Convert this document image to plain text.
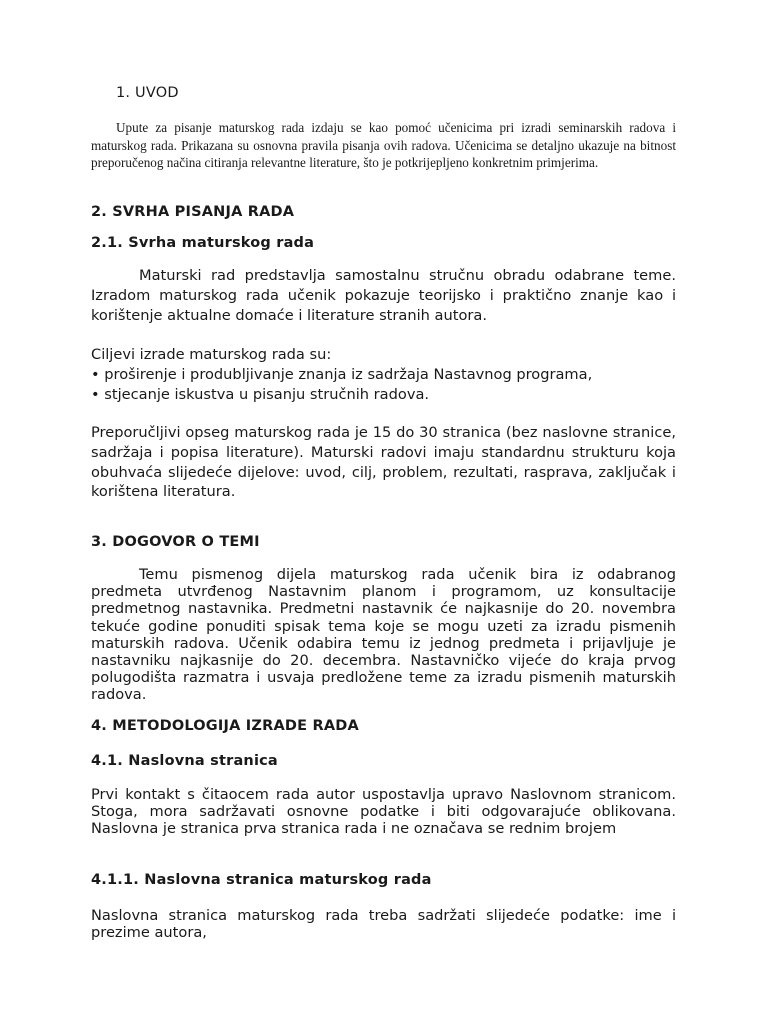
1. UVOD

Upute za pisanje maturskog rada izdaju se kao pomoć učenicima pri izradi seminarskih radova i maturskog rada. Prikazana su osnovna pravila pisanja ovih radova. Učenicima se detaljno ukazuje na bitnost preporučenog načina citiranja relevantne literature, što je potkrijepljeno konkretnim primjerima.

2. SVRHA PISANJA RADA
2.1. Svrha maturskog rada

Maturski rad predstavlja samostalnu stručnu obradu odabrane teme. Izradom maturskog rada učenik pokazuje teorijsko i praktično znanje kao i korištenje aktualne domaće i literature stranih autora.

Ciljevi izrade maturskog rada su:
• proširenje i produbljivanje znanja iz sadržaja Nastavnog programa,
• stjecanje iskustva u pisanju stručnih radova.

Preporučljivi opseg maturskog rada je 15 do 30 stranica (bez naslovne stranice, sadržaja i popisa literature). Maturski radovi imaju standardnu strukturu koja obuhvaća slijedeće dijelove: uvod, cilj, problem, rezultati, rasprava, zaključak i korištena literatura.

3. DOGOVOR O TEMI

Temu pismenog dijela maturskog rada učenik bira iz odabranog predmeta utvrđenog Nastavnim planom i programom, uz konsultacije predmetnog nastavnika. Predmetni nastavnik će najkasnije do 20. novembra tekuće godine ponuditi spisak tema koje se mogu uzeti za izradu pismenih maturskih radova. Učenik odabira temu iz jednog predmeta i prijavljuje je nastavniku najkasnije do 20. decembra. Nastavničko vijeće do kraja prvog polugodišta razmatra i usvaja predložene teme za izradu pismenih maturskih radova.

4. METODOLOGIJA IZRADE RADA
4.1. Naslovna stranica

Prvi kontakt s čitaocem rada autor uspostavlja upravo Naslovnom stranicom. Stoga, mora sadržavati osnovne podatke i biti odgovarajuće oblikovana. Naslovna je stranica prva stranica rada i ne označava se rednim brojem

4.1.1. Naslovna stranica maturskog rada

Naslovna stranica maturskog rada treba sadržati slijedeće podatke: ime i prezime autora,
